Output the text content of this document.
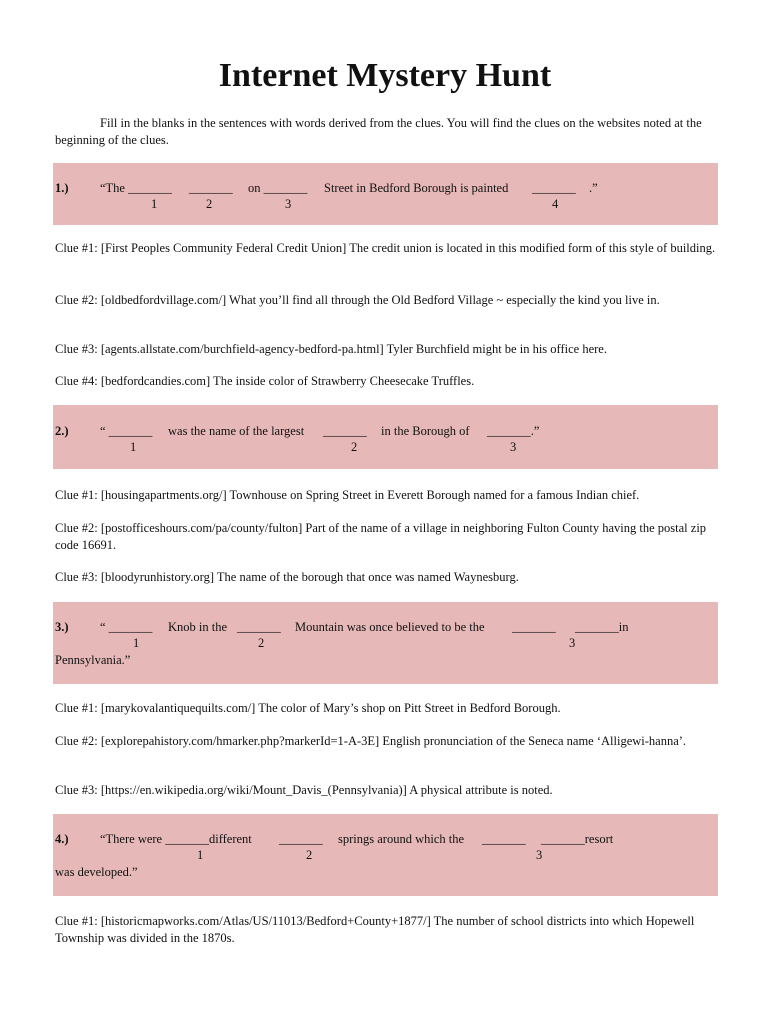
Internet Mystery Hunt
Fill in the blanks in the sentences with words derived from the clues. You will find the clues on the websites noted at the beginning of the clues.
1.)	“The _______ _______ on _______ Street in Bedford Borough is painted _______ .”
1	2	3	4
Clue #1: [First Peoples Community Federal Credit Union] The credit union is located in this modified form of this style of building.
Clue #2: [oldbedfordvillage.com/] What you’ll find all through the Old Bedford Village ~ especially the kind you live in.
Clue #3: [agents.allstate.com/burchfield-agency-bedford-pa.html] Tyler Burchfield might be in his office here.
Clue #4: [bedfordcandies.com] The inside color of Strawberry Cheesecake Truffles.
2.)	“ _______ was the name of the largest _______ in the Borough of _______.”
1	2	3
Clue #1: [housingapartments.org/] Townhouse on Spring Street in Everett Borough named for a famous Indian chief.
Clue #2: [postofficeshours.com/pa/county/fulton] Part of the name of a village in neighboring Fulton County having the postal zip code 16691.
Clue #3: [bloodyrunhistory.org] The name of the borough that once was named Waynesburg.
3.)	“ _______ Knob in the _______ Mountain was once believed to be the _______ _______in
1	2	3
Pennsylvania.”
Clue #1: [marykovalantiquequilts.com/] The color of Mary’s shop on Pitt Street in Bedford Borough.
Clue #2: [explorepahistory.com/hmarker.php?markerId=1-A-3E] English pronunciation of the Seneca name ‘Alligewi-hanna’.
Clue #3: [https://en.wikipedia.org/wiki/Mount_Davis_(Pennsylvania)] A physical attribute is noted.
4.)	“There were _______different _______ springs around which the _______ _______resort
1	2	3
was developed.”
Clue #1: [historicmapworks.com/Atlas/US/11013/Bedford+County+1877/] The number of school districts into which Hopewell Township was divided in the 1870s.
